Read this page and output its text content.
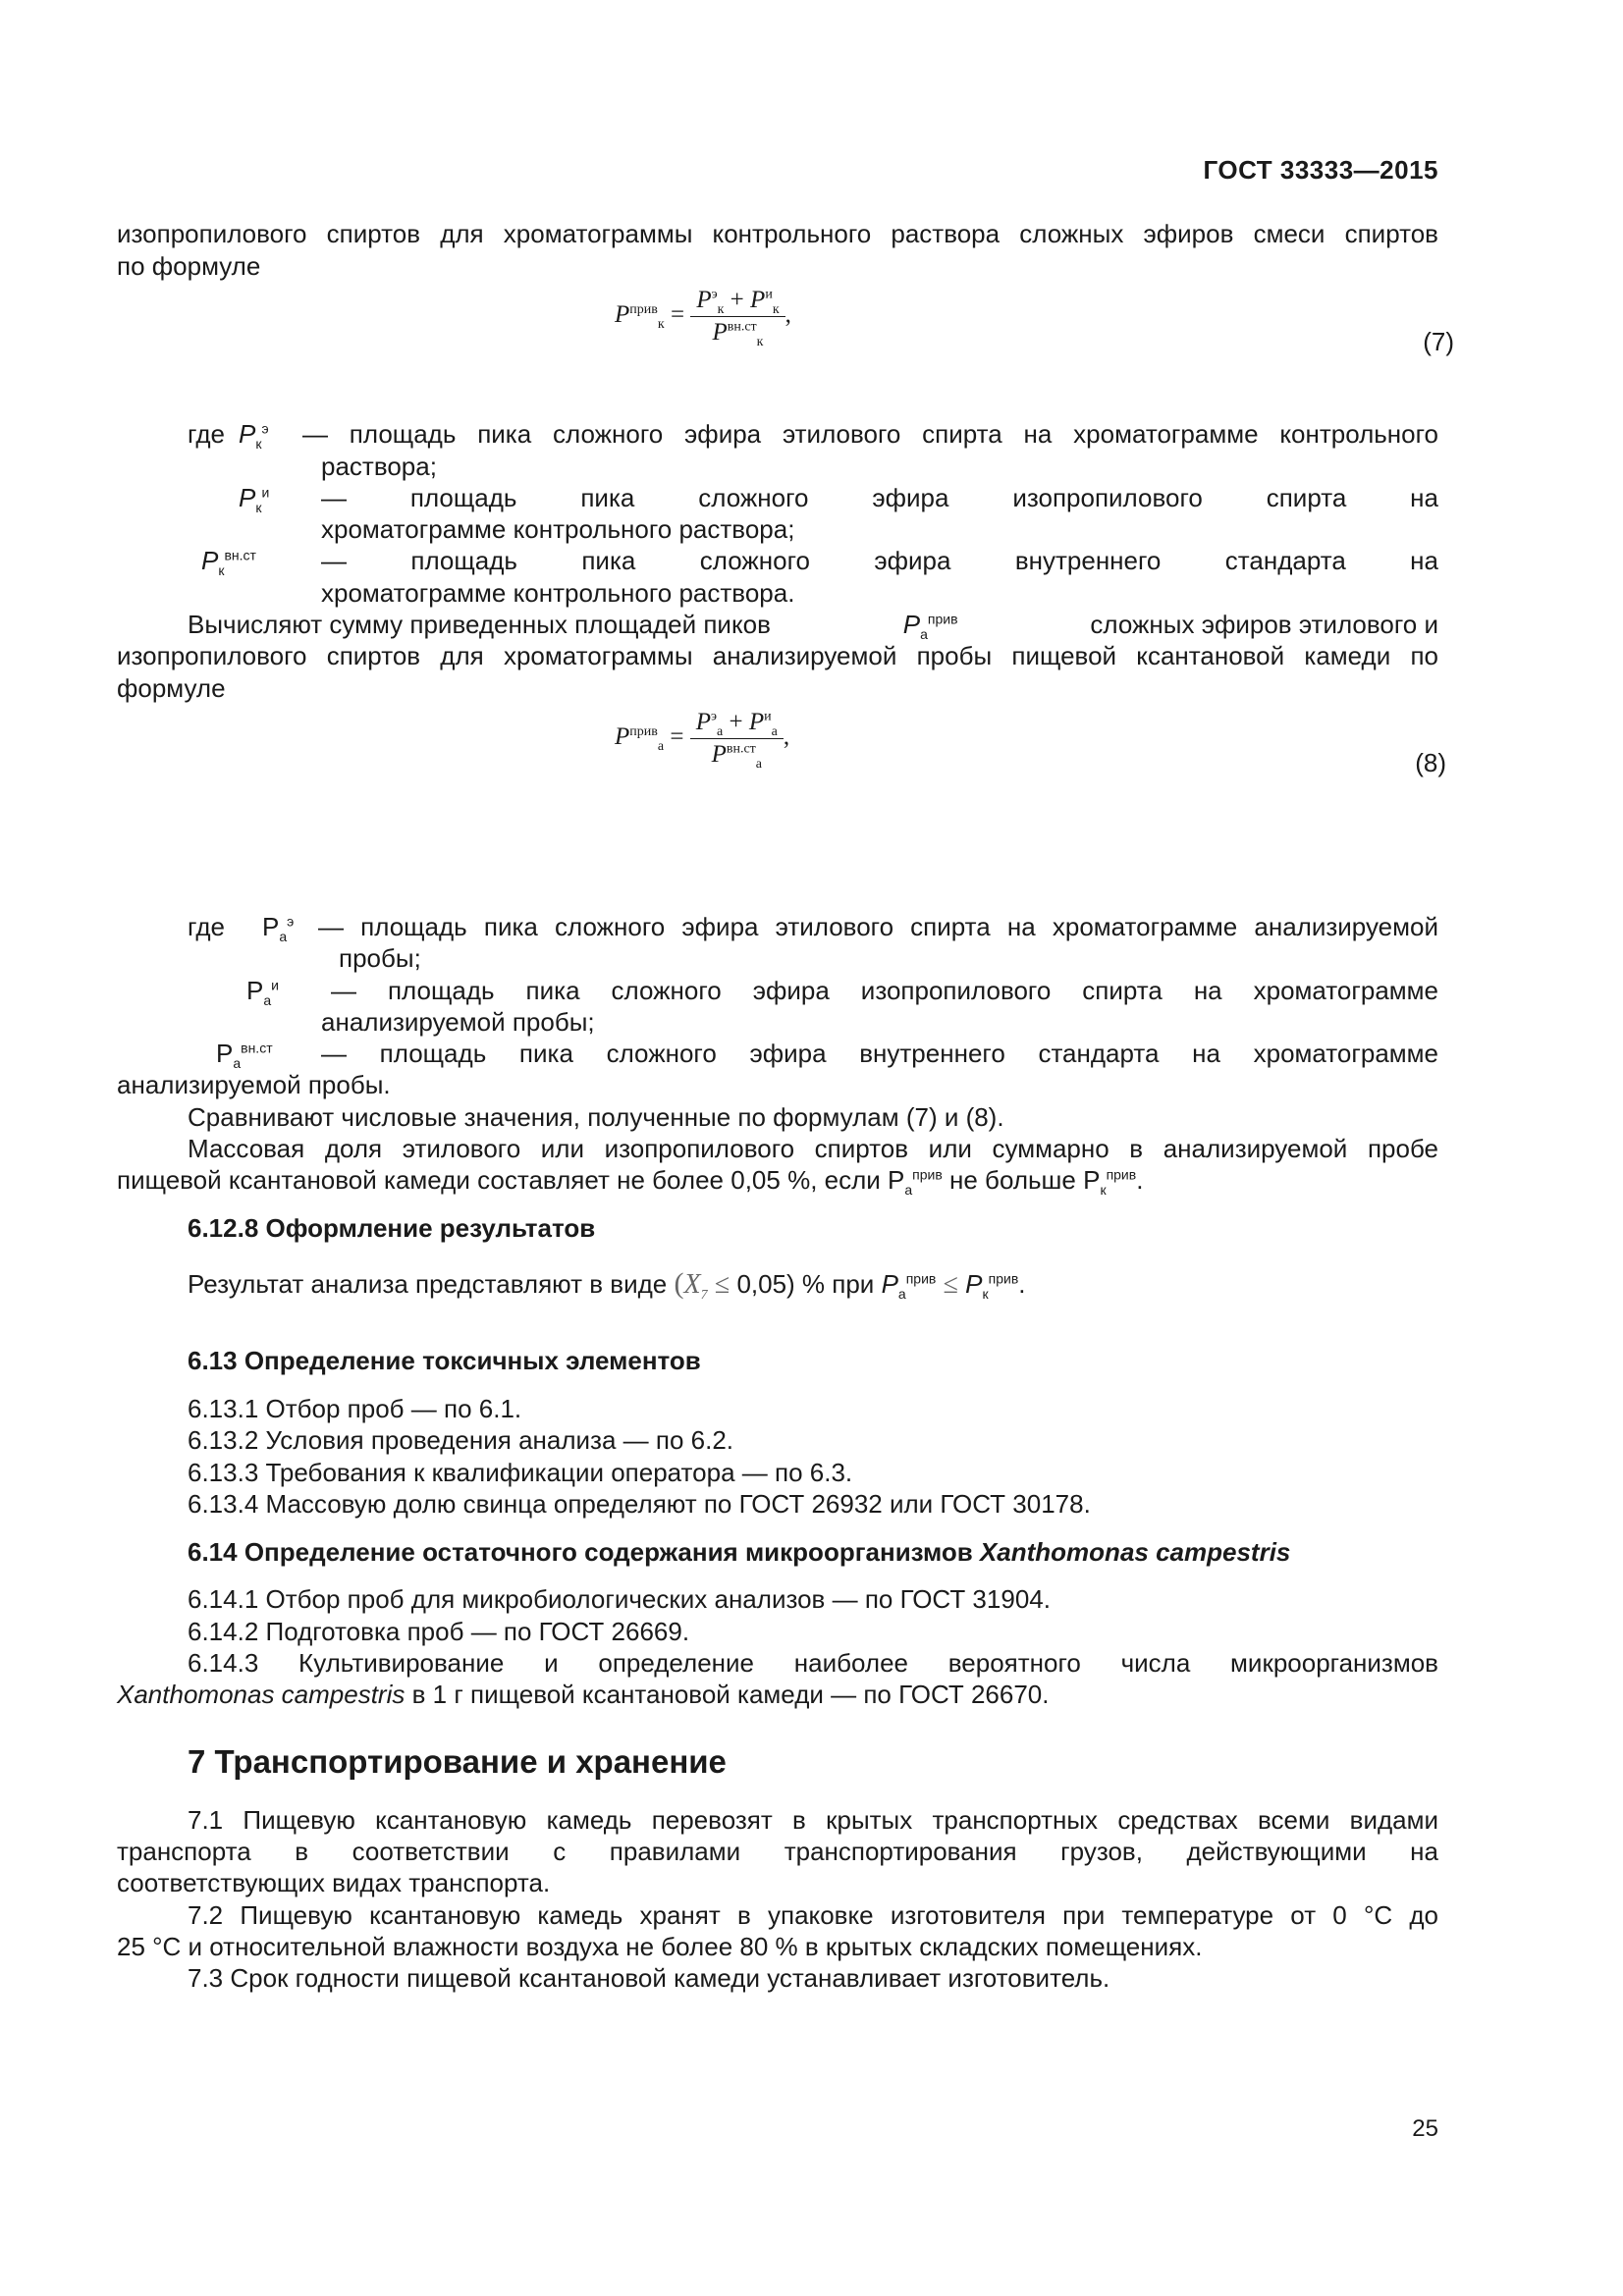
ГОСТ 33333—2015
изопропилового спиртов для хроматограммы контрольного раствора сложных эфиров смеси спиртов
по формуле
$P^{прив}_к = \frac{P^э_к + P^и_к}{P^{вн.ст}_к}$ ,
(7)
где $P_к^э$ — площадь пика сложного эфира этилового спирта на хроматограмме контрольного
раствора;
$P_к^и$ — площадь пика сложного эфира изопропилового спирта на
хроматограмме контрольного раствора;
$P_к^{вн.ст}$	— площадь пика сложного эфира внутреннего стандарта на
хроматограмме контрольного раствора.
Вычисляют сумму приведенных площадей пиков	$P_а^{прив}$	сложных эфиров этилового и
изопропилового спиртов для хроматограммы анализируемой пробы пищевой ксантановой камеди по
формуле
$P^{прив}_а = \frac{P^э_а + P^и_а}{P^{вн.ст}_а}$ ,
(8)
где $P_а^э$ — площадь пика сложного эфира этилового спирта на хроматограмме анализируемой
пробы;
$P_а^и$ — площадь пика сложного эфира изопропилового спирта на хроматограмме
анализируемой пробы;
$P_а^{вн.ст}$ — площадь пика сложного эфира внутреннего стандарта на хроматограмме
анализируемой пробы.
Сравнивают числовые значения, полученные по формулам (7) и (8).
Массовая доля этилового или изопропилового спиртов или суммарно в анализируемой пробе
пищевой ксантановой камеди составляет не более 0,05 %, если $P_а^{прив}$ не больше $P_к^{прив}$.
6.12.8 Оформление результатов
Результат анализа представляют в виде $(X_7 \le 0,05)$ % при $P_а^{прив} \le P_к^{прив}$.
6.13 Определение токсичных элементов
6.13.1 Отбор проб — по 6.1.
6.13.2 Условия проведения анализа — по 6.2.
6.13.3 Требования к квалификации оператора — по 6.3.
6.13.4 Массовую долю свинца определяют по ГОСТ 26932 или ГОСТ 30178.
6.14 Определение остаточного содержания микроорганизмов Xanthomonas campestris
6.14.1 Отбор проб для микробиологических анализов — по ГОСТ 31904.
6.14.2 Подготовка проб — по ГОСТ 26669.
6.14.3 Культивирование и определение наиболее вероятного числа микроорганизмов
Xanthomonas campestris в 1 г пищевой ксантановой камеди — по ГОСТ 26670.
7 Транспортирование и хранение
7.1 Пищевую ксантановую камедь перевозят в крытых транспортных средствах всеми видами
транспорта в соответствии с правилами транспортирования грузов, действующими на
соответствующих видах транспорта.
7.2 Пищевую ксантановую камедь хранят в упаковке изготовителя при температуре от 0 °С до
25 °С и относительной влажности воздуха не более 80 % в крытых складских помещениях.
7.3 Срок годности пищевой ксантановой камеди устанавливает изготовитель.
25
